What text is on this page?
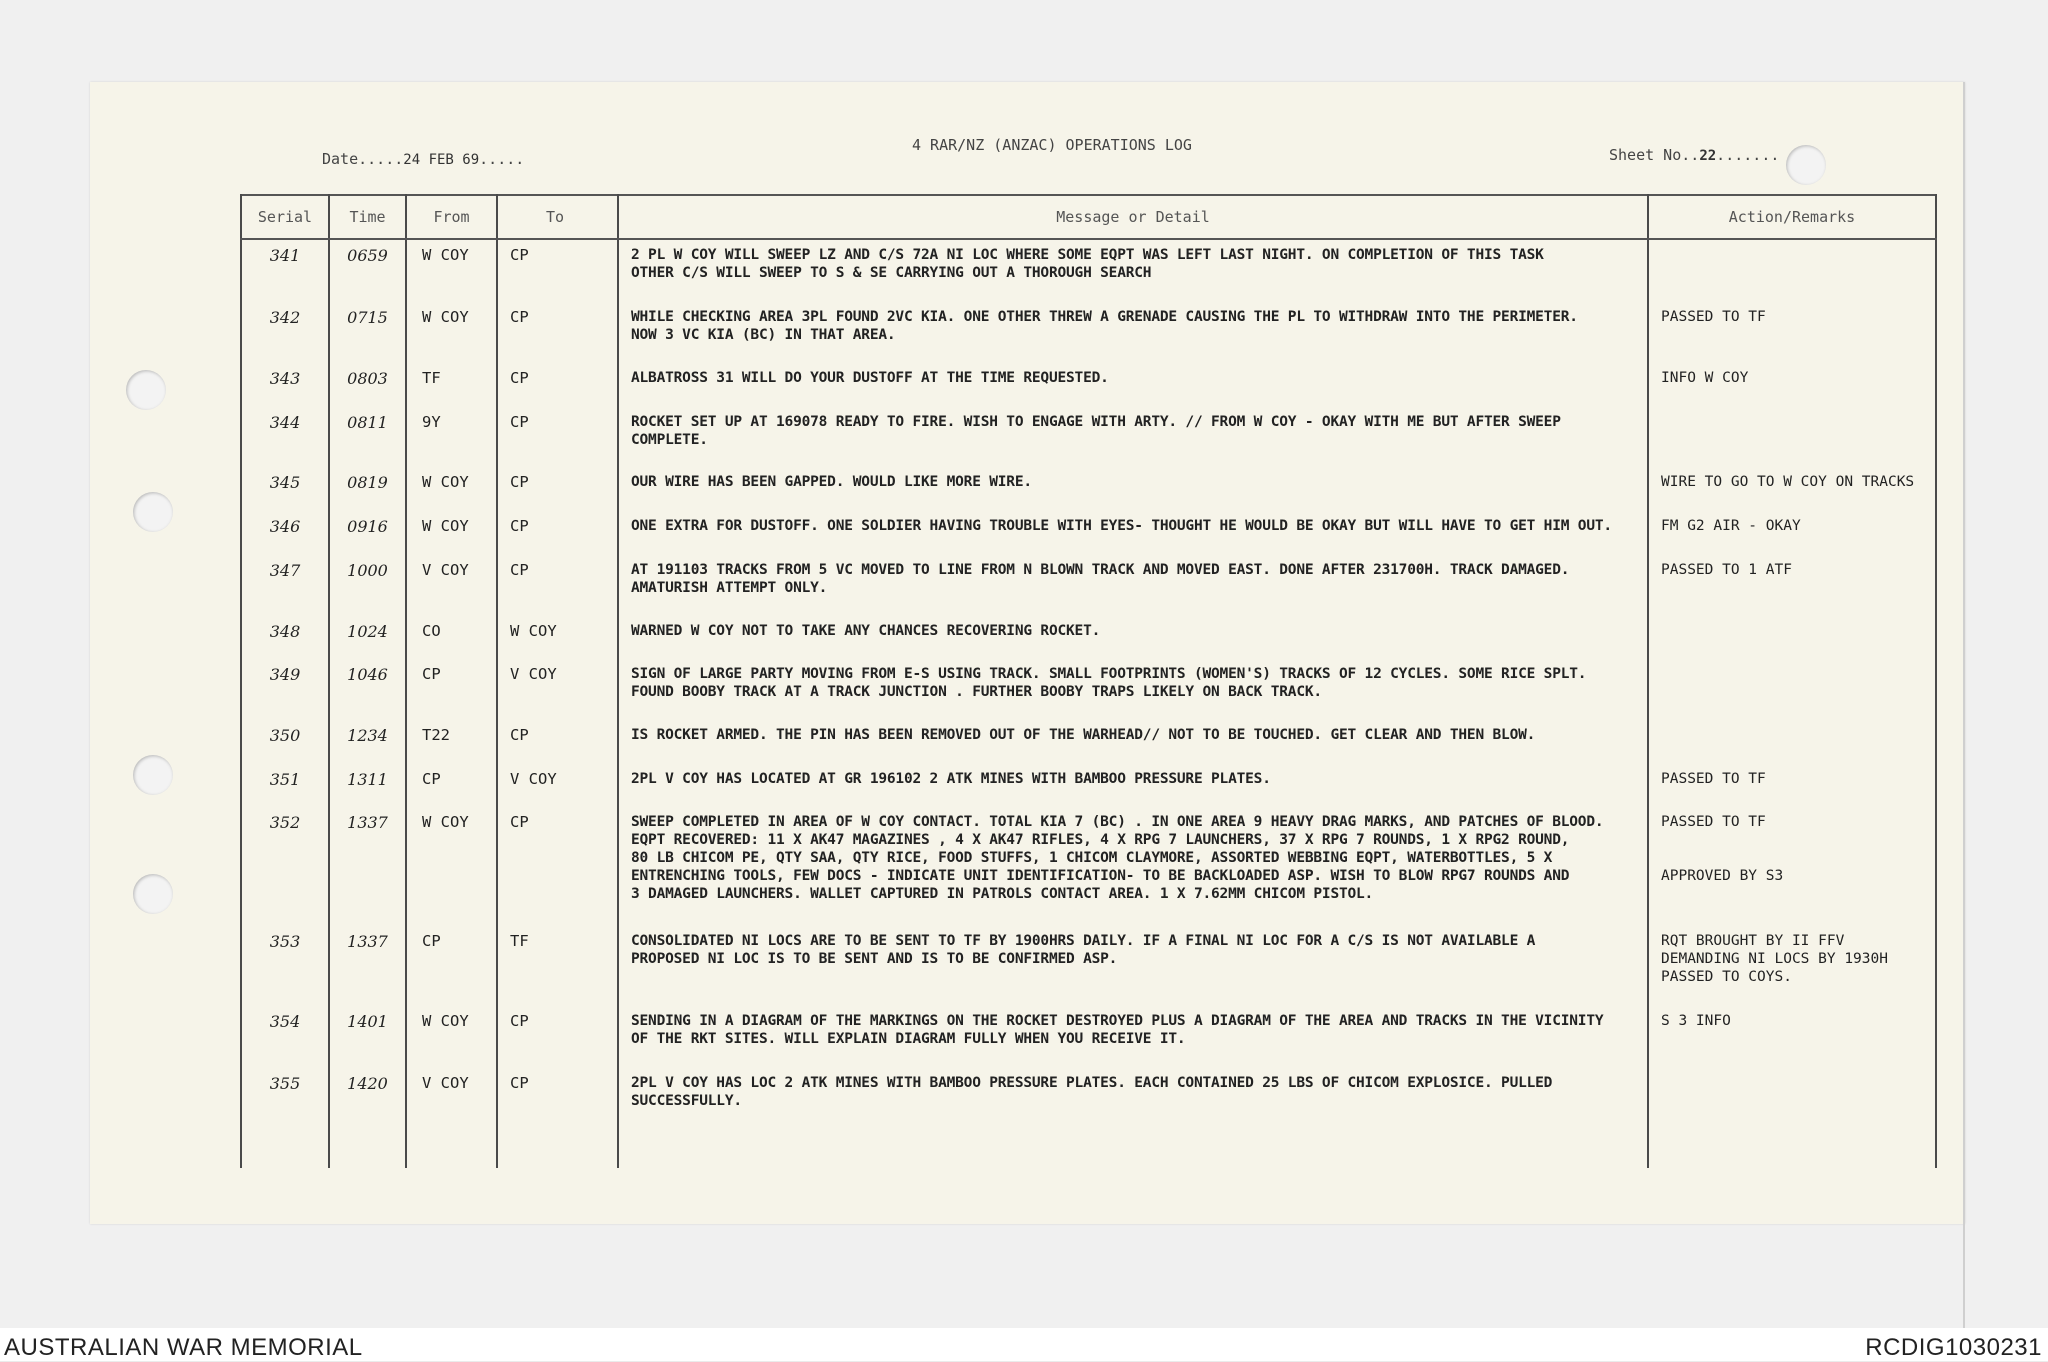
Date.....24 FEB 69.....
4 RAR/NZ (ANZAC) OPERATIONS LOG
Sheet No..22.......
Serial	Time	From	To	Message or Detail	Action/Remarks
341	0659	W COY	CP	2 PL W COY WILL SWEEP LZ AND C/S 72A NI LOC WHERE SOME EQPT WAS LEFT LAST NIGHT. ON COMPLETION OF THIS TASK
OTHER C/S WILL SWEEP TO S & SE CARRYING OUT A THOROUGH SEARCH	
342	0715	W COY	CP	WHILE CHECKING AREA 3PL FOUND 2VC KIA. ONE OTHER THREW A GRENADE CAUSING THE PL TO WITHDRAW INTO THE PERIMETER.
NOW 3 VC KIA (BC) IN THAT AREA.	PASSED TO TF
343	0803	TF	CP	ALBATROSS 31 WILL DO YOUR DUSTOFF AT THE TIME REQUESTED.	INFO W COY
344	0811	9Y	CP	ROCKET SET UP AT 169078 READY TO FIRE. WISH TO ENGAGE WITH ARTY. // FROM W COY - OKAY WITH ME BUT AFTER SWEEP
COMPLETE.	
345	0819	W COY	CP	OUR WIRE HAS BEEN GAPPED. WOULD LIKE MORE WIRE.	WIRE TO GO TO W COY ON TRACKS
346	0916	W COY	CP	ONE EXTRA FOR DUSTOFF. ONE SOLDIER HAVING TROUBLE WITH EYES- THOUGHT HE WOULD BE OKAY BUT WILL HAVE TO GET HIM OUT.	FM G2 AIR - OKAY
347	1000	V COY	CP	AT 191103 TRACKS FROM 5 VC MOVED TO LINE FROM N BLOWN TRACK AND MOVED EAST. DONE AFTER 231700H. TRACK DAMAGED.
AMATURISH ATTEMPT ONLY.	PASSED TO 1 ATF
348	1024	CO	W COY	WARNED W COY NOT TO TAKE ANY CHANCES RECOVERING ROCKET.	
349	1046	CP	V COY	SIGN OF LARGE PARTY MOVING FROM E-S USING TRACK. SMALL FOOTPRINTS (WOMEN'S) TRACKS OF 12 CYCLES. SOME RICE SPLT.
FOUND BOOBY TRACK AT A TRACK JUNCTION . FURTHER BOOBY TRAPS LIKELY ON BACK TRACK.	
350	1234	T22	CP	IS ROCKET ARMED. THE PIN HAS BEEN REMOVED OUT OF THE WARHEAD// NOT TO BE TOUCHED. GET CLEAR AND THEN BLOW.	
351	1311	CP	V COY	2PL V COY HAS LOCATED AT GR 196102 2 ATK MINES WITH BAMBOO PRESSURE PLATES.	PASSED TO TF
352	1337	W COY	CP	SWEEP COMPLETED IN AREA OF W COY CONTACT. TOTAL KIA 7 (BC) . IN ONE AREA 9 HEAVY DRAG MARKS, AND PATCHES OF BLOOD.
EQPT RECOVERED: 11 X AK47 MAGAZINES , 4 X AK47 RIFLES, 4 X RPG 7 LAUNCHERS, 37 X RPG 7 ROUNDS, 1 X RPG2 ROUND,
80 LB CHICOM PE, QTY SAA, QTY RICE, FOOD STUFFS, 1 CHICOM CLAYMORE, ASSORTED WEBBING EQPT, WATERBOTTLES, 5 X
ENTRENCHING TOOLS, FEW DOCS - INDICATE UNIT IDENTIFICATION- TO BE BACKLOADED ASP. WISH TO BLOW RPG7 ROUNDS AND
3 DAMAGED LAUNCHERS. WALLET CAPTURED IN PATROLS CONTACT AREA. 1 X 7.62MM CHICOM PISTOL.	PASSED TO TF

APPROVED BY S3
353	1337	CP	TF	CONSOLIDATED NI LOCS ARE TO BE SENT TO TF BY 1900HRS DAILY. IF A FINAL NI LOC FOR A C/S IS NOT AVAILABLE A
PROPOSED NI LOC IS TO BE SENT AND IS TO BE CONFIRMED ASP.	RQT BROUGHT BY II FFV
DEMANDING NI LOCS BY 1930H
PASSED TO COYS.
354	1401	W COY	CP	SENDING IN A DIAGRAM OF THE MARKINGS ON THE ROCKET DESTROYED PLUS A DIAGRAM OF THE AREA AND TRACKS IN THE VICINITY
OF THE RKT SITES. WILL EXPLAIN DIAGRAM FULLY WHEN YOU RECEIVE IT.	S 3 INFO
355	1420	V COY	CP	2PL V COY HAS LOC 2 ATK MINES WITH BAMBOO PRESSURE PLATES. EACH CONTAINED 25 LBS OF CHICOM EXPLOSICE. PULLED
SUCCESSFULLY.	

AUSTRALIAN WAR MEMORIAL	RCDIG1030231
